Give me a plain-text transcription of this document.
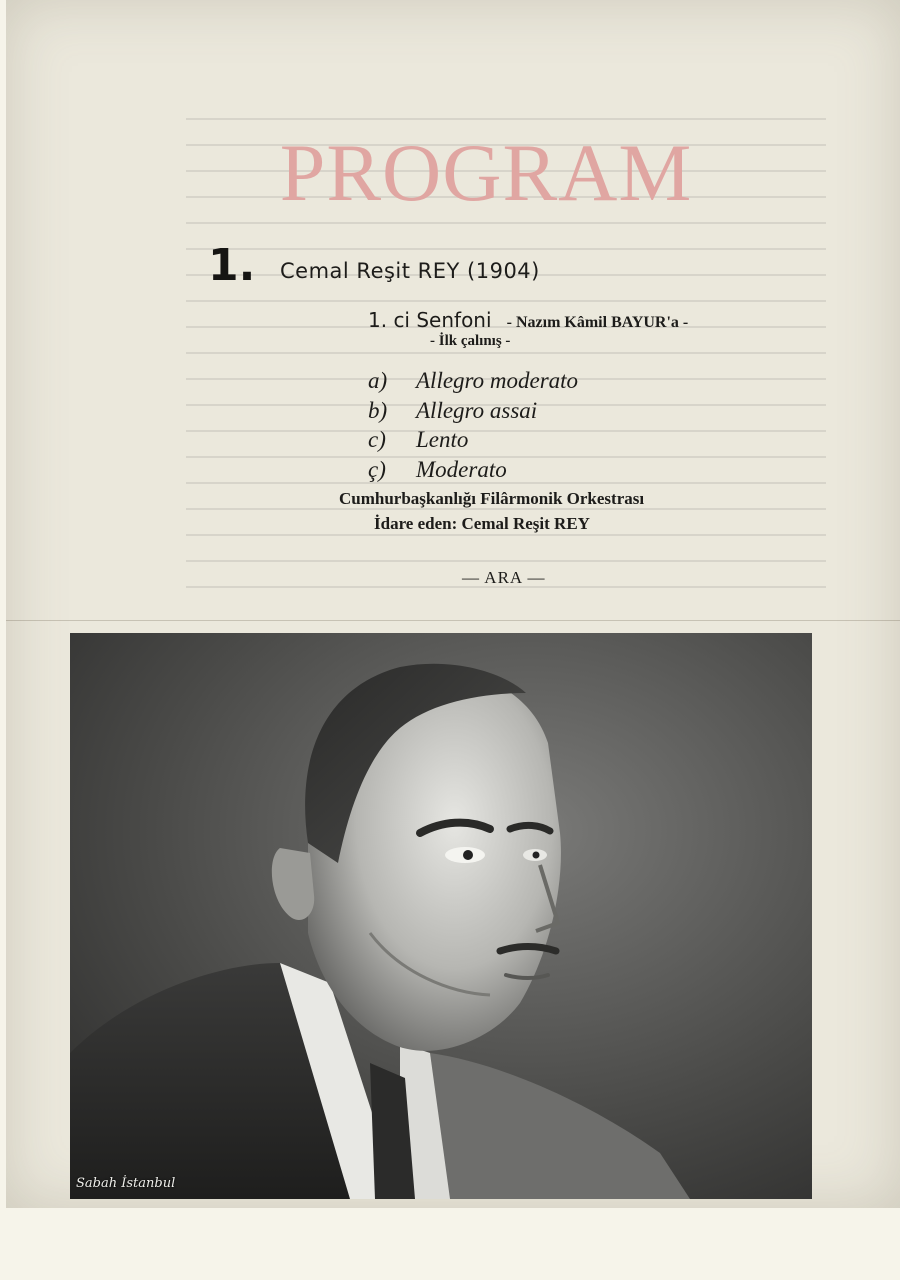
PROGRAM
1. Cemal Reşit REY (1904)
1. ci Senfoni - Nazım Kâmil BAYUR'a -
- İlk çalınış -
a) Allegro moderato
b) Allegro assai
c) Lento
ç) Moderato
Cumhurbaşkanlığı Filârmonik Orkestrası
İdare eden: Cemal Reşit REY
— ARA —
Sabah İstanbul
